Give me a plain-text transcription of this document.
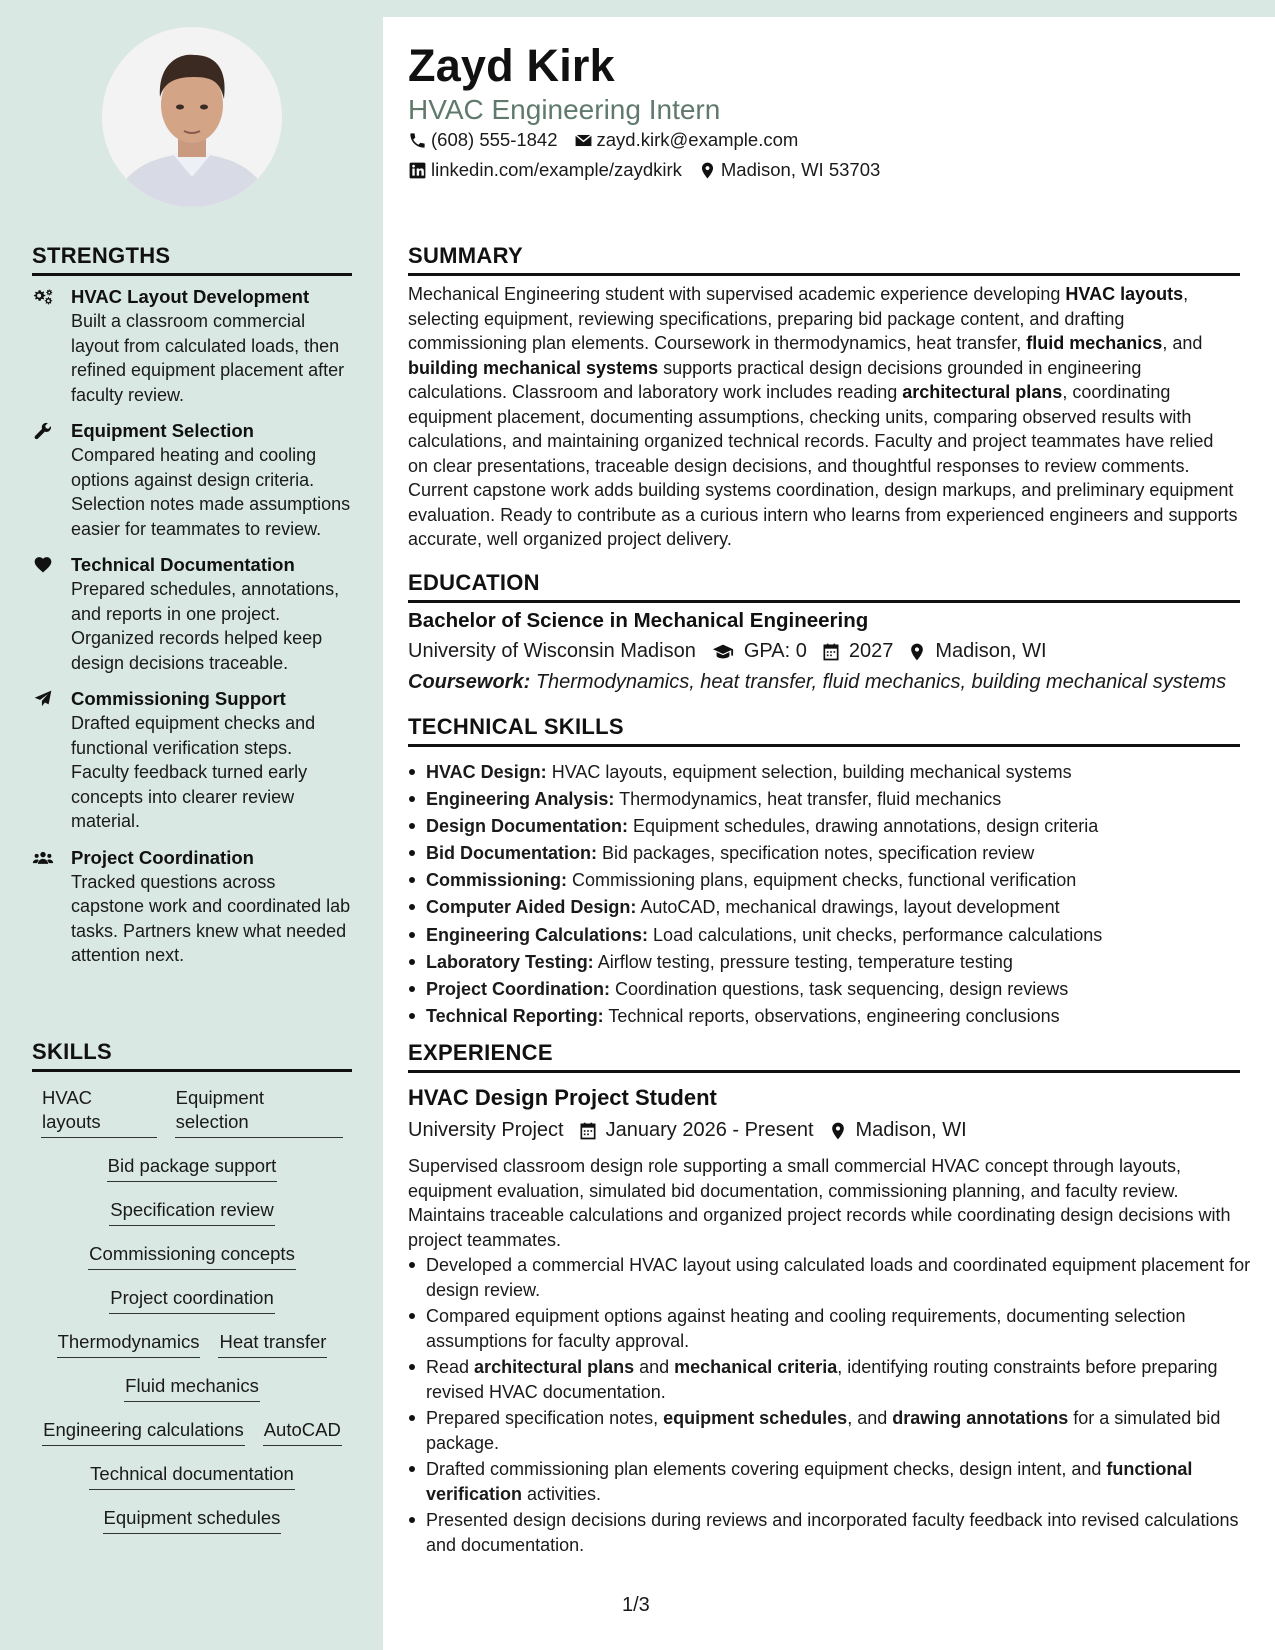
Zayd Kirk
HVAC Engineering Intern
(608) 555-1842 zayd.kirk@example.com
linkedin.com/example/zaydkirk Madison, WI 53703
STRENGTHS
HVAC Layout Development
Built a classroom commercial layout from calculated loads, then refined equipment placement after faculty review.
Equipment Selection
Compared heating and cooling options against design criteria. Selection notes made assumptions easier for teammates to review.
Technical Documentation
Prepared schedules, annotations, and reports in one project. Organized records helped keep design decisions traceable.
Commissioning Support
Drafted equipment checks and functional verification steps. Faculty feedback turned early concepts into clearer review material.
Project Coordination
Tracked questions across capstone work and coordinated lab tasks. Partners knew what needed attention next.
SKILLS
HVAC layouts
Equipment selection
Bid package support
Specification review
Commissioning concepts
Project coordination
Thermodynamics Heat transfer
Fluid mechanics
Engineering calculations AutoCAD
Technical documentation
Equipment schedules
SUMMARY
Mechanical Engineering student with supervised academic experience developing HVAC layouts, selecting equipment, reviewing specifications, preparing bid package content, and drafting commissioning plan elements. Coursework in thermodynamics, heat transfer, fluid mechanics, and building mechanical systems supports practical design decisions grounded in engineering calculations. Classroom and laboratory work includes reading architectural plans, coordinating equipment placement, documenting assumptions, checking units, comparing observed results with calculations, and maintaining organized technical records. Faculty and project teammates have relied on clear presentations, traceable design decisions, and thoughtful responses to review comments. Current capstone work adds building systems coordination, design markups, and preliminary equipment evaluation. Ready to contribute as a curious intern who learns from experienced engineers and supports accurate, well organized project delivery.
EDUCATION
Bachelor of Science in Mechanical Engineering
University of Wisconsin Madison GPA: 0 2027 Madison, WI
Coursework: Thermodynamics, heat transfer, fluid mechanics, building mechanical systems
TECHNICAL SKILLS
HVAC Design: HVAC layouts, equipment selection, building mechanical systems
Engineering Analysis: Thermodynamics, heat transfer, fluid mechanics
Design Documentation: Equipment schedules, drawing annotations, design criteria
Bid Documentation: Bid packages, specification notes, specification review
Commissioning: Commissioning plans, equipment checks, functional verification
Computer Aided Design: AutoCAD, mechanical drawings, layout development
Engineering Calculations: Load calculations, unit checks, performance calculations
Laboratory Testing: Airflow testing, pressure testing, temperature testing
Project Coordination: Coordination questions, task sequencing, design reviews
Technical Reporting: Technical reports, observations, engineering conclusions
EXPERIENCE
HVAC Design Project Student
University Project January 2026 - Present Madison, WI
Supervised classroom design role supporting a small commercial HVAC concept through layouts, equipment evaluation, simulated bid documentation, commissioning planning, and faculty review. Maintains traceable calculations and organized project records while coordinating design decisions with project teammates.
Developed a commercial HVAC layout using calculated loads and coordinated equipment placement for design review.
Compared equipment options against heating and cooling requirements, documenting selection assumptions for faculty approval.
Read architectural plans and mechanical criteria, identifying routing constraints before preparing revised HVAC documentation.
Prepared specification notes, equipment schedules, and drawing annotations for a simulated bid package.
Drafted commissioning plan elements covering equipment checks, design intent, and functional verification activities.
Presented design decisions during reviews and incorporated faculty feedback into revised calculations and documentation.
1/3
